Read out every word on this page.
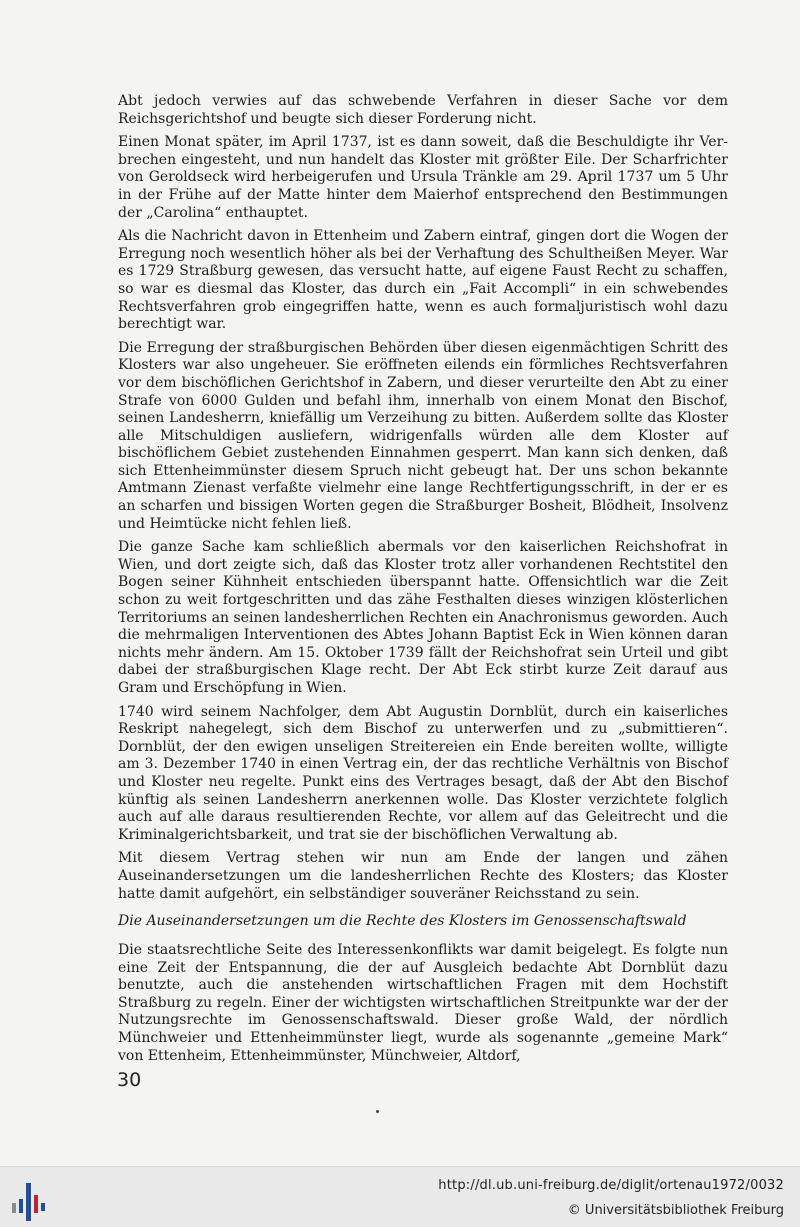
Abt jedoch verwies auf das schwebende Verfahren in dieser Sache vor dem Reichsgerichtshof und beugte sich dieser Forderung nicht.

Einen Monat später, im April 1737, ist es dann soweit, daß die Beschuldigte ihr Verbrechen eingesteht, und nun handelt das Kloster mit größter Eile. Der Scharfrichter von Geroldseck wird herbeigerufen und Ursula Tränkle am 29. April 1737 um 5 Uhr in der Frühe auf der Matte hinter dem Maierhof entsprechend den Bestimmungen der „Carolina“ enthauptet.

Als die Nachricht davon in Ettenheim und Zabern eintraf, gingen dort die Wogen der Erregung noch wesentlich höher als bei der Verhaftung des Schultheißen Meyer. War es 1729 Straßburg gewesen, das versucht hatte, auf eigene Faust Recht zu schaffen, so war es diesmal das Kloster, das durch ein „Fait Accompli“ in ein schwebendes Rechtsverfahren grob eingegriffen hatte, wenn es auch formaljuristisch wohl dazu berechtigt war.

Die Erregung der straßburgischen Behörden über diesen eigenmächtigen Schritt des Klosters war also ungeheuer. Sie eröffneten eilends ein förmliches Rechtsverfahren vor dem bischöflichen Gerichtshof in Zabern, und dieser verurteilte den Abt zu einer Strafe von 6000 Gulden und befahl ihm, innerhalb von einem Monat den Bischof, seinen Landesherrn, kniefällig um Verzeihung zu bitten. Außerdem sollte das Kloster alle Mitschuldigen ausliefern, widrigenfalls würden alle dem Kloster auf bischöflichem Gebiet zustehenden Einnahmen gesperrt. Man kann sich denken, daß sich Ettenheimmünster diesem Spruch nicht gebeugt hat. Der uns schon bekannte Amtmann Zienast verfaßte vielmehr eine lange Rechtfertigungsschrift, in der er es an scharfen und bissigen Worten gegen die Straßburger Bosheit, Blödheit, Insolvenz und Heimtücke nicht fehlen ließ.

Die ganze Sache kam schließlich abermals vor den kaiserlichen Reichshofrat in Wien, und dort zeigte sich, daß das Kloster trotz aller vorhandenen Rechtstitel den Bogen seiner Kühnheit entschieden überspannt hatte. Offensichtlich war die Zeit schon zu weit fortgeschritten und das zähe Festhalten dieses winzigen klösterlichen Territoriums an seinen landesherrlichen Rechten ein Anachronismus geworden. Auch die mehrmaligen Interventionen des Abtes Johann Baptist Eck in Wien können daran nichts mehr ändern. Am 15. Oktober 1739 fällt der Reichshofrat sein Urteil und gibt dabei der straßburgischen Klage recht. Der Abt Eck stirbt kurze Zeit darauf aus Gram und Erschöpfung in Wien.

1740 wird seinem Nachfolger, dem Abt Augustin Dornblüt, durch ein kaiserliches Reskript nahegelegt, sich dem Bischof zu unterwerfen und zu „submittieren“. Dornblüt, der den ewigen unseligen Streitereien ein Ende bereiten wollte, willigte am 3. Dezember 1740 in einen Vertrag ein, der das rechtliche Verhältnis von Bischof und Kloster neu regelte. Punkt eins des Vertrages besagt, daß der Abt den Bischof künftig als seinen Landesherrn anerkennen wolle. Das Kloster verzichtete folglich auch auf alle daraus resultierenden Rechte, vor allem auf das Geleitrecht und die Kriminalgerichtsbarkeit, und trat sie der bischöflichen Verwaltung ab.

Mit diesem Vertrag stehen wir nun am Ende der langen und zähen Auseinandersetzungen um die landesherrlichen Rechte des Klosters; das Kloster hatte damit aufgehört, ein selbständiger souveräner Reichsstand zu sein.

Die Auseinandersetzungen um die Rechte des Klosters im Genossenschaftswald

Die staatsrechtliche Seite des Interessenkonflikts war damit beigelegt. Es folgte nun eine Zeit der Entspannung, die der auf Ausgleich bedachte Abt Dornblüt dazu benutzte, auch die anstehenden wirtschaftlichen Fragen mit dem Hochstift Straßburg zu regeln. Einer der wichtigsten wirtschaftlichen Streitpunkte war der der Nutzungsrechte im Genossenschaftswald. Dieser große Wald, der nördlich Münchweier und Ettenheimmünster liegt, wurde als sogenannte „gemeine Mark“ von Ettenheim, Ettenheimmünster, Münchweier, Altdorf,

30
http://dl.ub.uni-freiburg.de/diglit/ortenau1972/0032
© Universitätsbibliothek Freiburg
